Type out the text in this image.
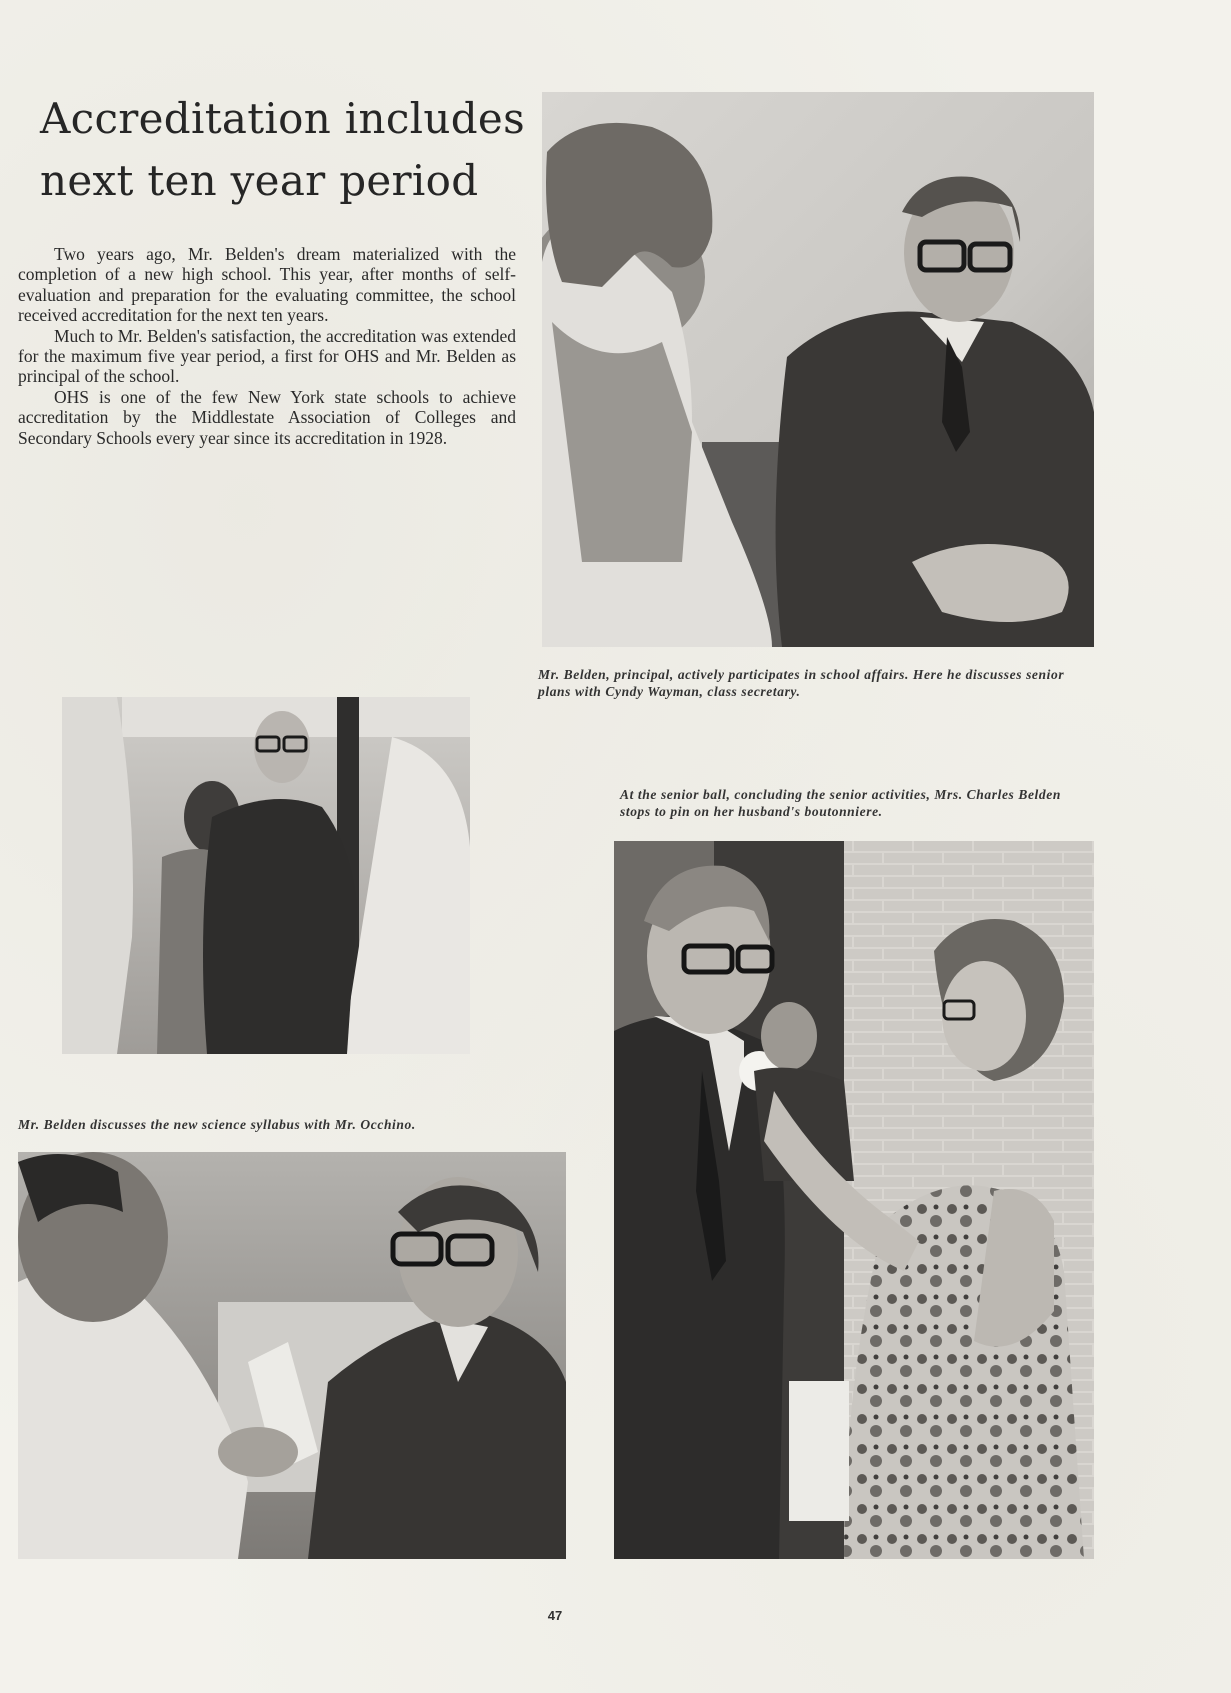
Accreditation includes
next ten year period

Two years ago, Mr. Belden's dream materialized with the completion of a new high school. This year, after months of self-evaluation and preparation for the evaluating committee, the school received accreditation for the next ten years.

Much to Mr. Belden's satisfaction, the accreditation was extended for the maximum five year period, a first for OHS and Mr. Belden as principal of the school.

OHS is one of the few New York state schools to achieve accreditation by the Middlestate Association of Colleges and Secondary Schools every year since its accreditation in 1928.

Mr. Belden, principal, actively participates in school affairs. Here he discusses senior plans with Cyndy Wayman, class secretary.
Mr. Belden discusses the new science syllabus with Mr. Occhino.
At the senior ball, concluding the senior activities, Mrs. Charles Belden stops to pin on her husband's boutonniere.
47
